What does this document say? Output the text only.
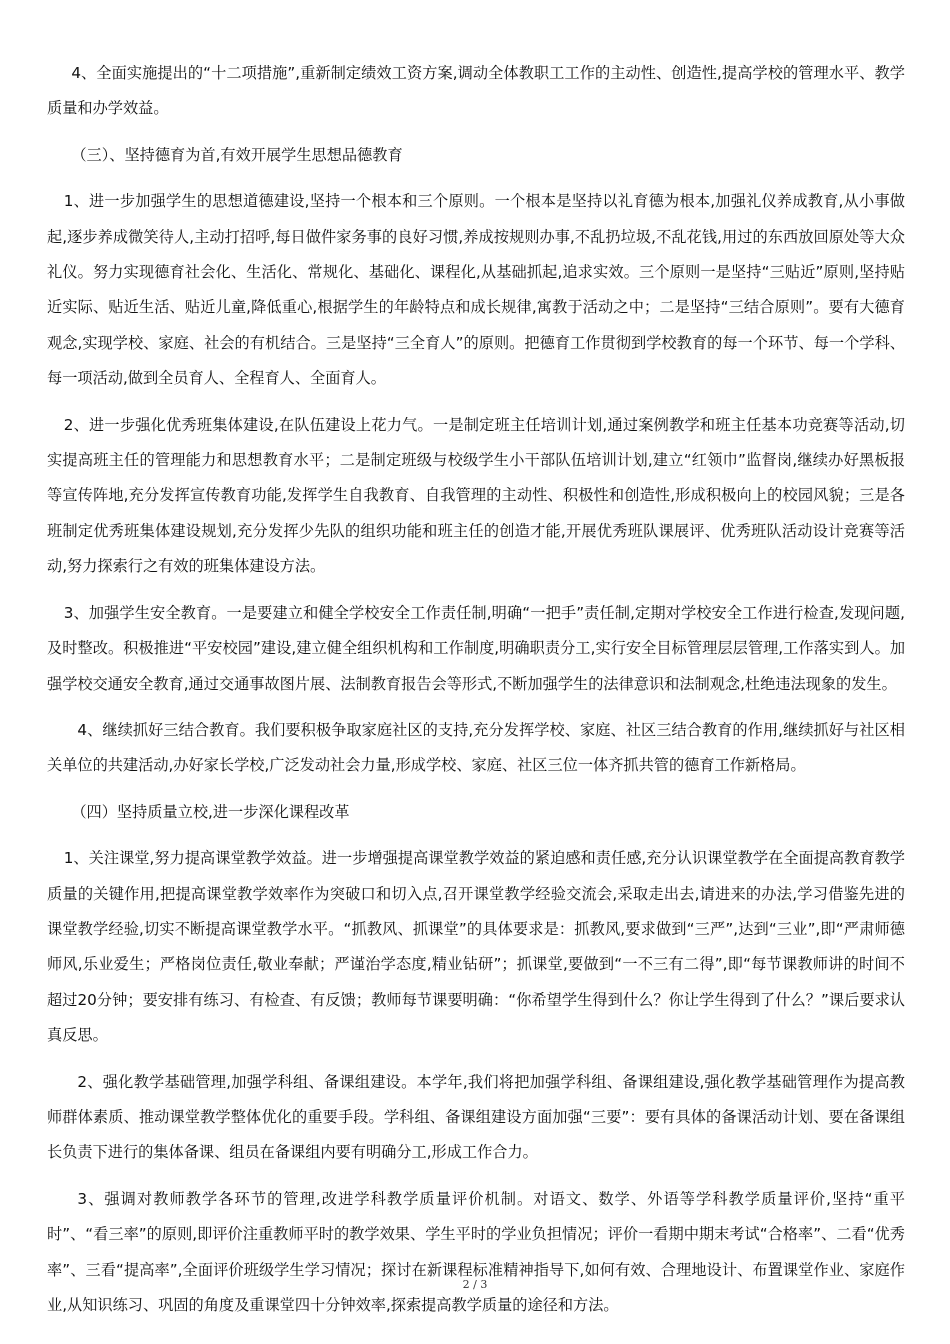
4、全面实施提出的“十二项措施”,重新制定绩效工资方案,调动全体教职工工作的主动性、创造性,提高学校的管理水平、教学质量和办学效益。

（三）、坚持德育为首,有效开展学生思想品德教育

1、进一步加强学生的思想道德建设,坚持一个根本和三个原则。一个根本是坚持以礼育德为根本,加强礼仪养成教育,从小事做起,逐步养成微笑待人,主动打招呼,每日做件家务事的良好习惯,养成按规则办事,不乱扔垃圾,不乱花钱,用过的东西放回原处等大众礼仪。努力实现德育社会化、生活化、常规化、基础化、课程化,从基础抓起,追求实效。三个原则一是坚持“三贴近”原则,坚持贴近实际、贴近生活、贴近儿童,降低重心,根据学生的年龄特点和成长规律,寓教于活动之中；二是坚持“三结合原则”。要有大德育观念,实现学校、家庭、社会的有机结合。三是坚持“三全育人”的原则。把德育工作贯彻到学校教育的每一个环节、每一个学科、每一项活动,做到全员育人、全程育人、全面育人。

2、进一步强化优秀班集体建设,在队伍建设上花力气。一是制定班主任培训计划,通过案例教学和班主任基本功竞赛等活动,切实提高班主任的管理能力和思想教育水平；二是制定班级与校级学生小干部队伍培训计划,建立“红领巾”监督岗,继续办好黑板报等宣传阵地,充分发挥宣传教育功能,发挥学生自我教育、自我管理的主动性、积极性和创造性,形成积极向上的校园风貌；三是各班制定优秀班集体建设规划,充分发挥少先队的组织功能和班主任的创造才能,开展优秀班队课展评、优秀班队活动设计竞赛等活动,努力探索行之有效的班集体建设方法。

3、加强学生安全教育。一是要建立和健全学校安全工作责任制,明确“一把手”责任制,定期对学校安全工作进行检查,发现问题,及时整改。积极推进“平安校园”建设,建立健全组织机构和工作制度,明确职责分工,实行安全目标管理层层管理,工作落实到人。加强学校交通安全教育,通过交通事故图片展、法制教育报告会等形式,不断加强学生的法律意识和法制观念,杜绝违法现象的发生。

4、继续抓好三结合教育。我们要积极争取家庭社区的支持,充分发挥学校、家庭、社区三结合教育的作用,继续抓好与社区相关单位的共建活动,办好家长学校,广泛发动社会力量,形成学校、家庭、社区三位一体齐抓共管的德育工作新格局。

（四）坚持质量立校,进一步深化课程改革

1、关注课堂,努力提高课堂教学效益。进一步增强提高课堂教学效益的紧迫感和责任感,充分认识课堂教学在全面提高教育教学质量的关键作用,把提高课堂教学效率作为突破口和切入点,召开课堂教学经验交流会,采取走出去,请进来的办法,学习借鉴先进的课堂教学经验,切实不断提高课堂教学水平。“抓教风、抓课堂”的具体要求是：抓教风,要求做到“三严”,达到“三业”,即“严肃师德师风,乐业爱生；严格岗位责任,敬业奉献；严谨治学态度,精业钻研”；抓课堂,要做到“一不三有二得”,即“每节课教师讲的时间不超过20分钟；要安排有练习、有检查、有反馈；教师每节课要明确：“你希望学生得到什么？你让学生得到了什么？”课后要求认真反思。

2、强化教学基础管理,加强学科组、备课组建设。本学年,我们将把加强学科组、备课组建设,强化教学基础管理作为提高教师群体素质、推动课堂教学整体优化的重要手段。学科组、备课组建设方面加强“三要”：要有具体的备课活动计划、要在备课组长负责下进行的集体备课、组员在备课组内要有明确分工,形成工作合力。

3、强调对教师教学各环节的管理,改进学科教学质量评价机制。对语文、数学、外语等学科教学质量评价,坚持“重平时”、“看三率”的原则,即评价注重教师平时的教学效果、学生平时的学业负担情况；评价一看期中期末考试“合格率”、二看“优秀率”、三看“提高率”,全面评价班级学生学习情况；探讨在新课程标准精神指导下,如何有效、合理地设计、布置课堂作业、家庭作业,从知识练习、巩固的角度及重课堂四十分钟效率,探索提高教学质量的途径和方法。

2 / 3
